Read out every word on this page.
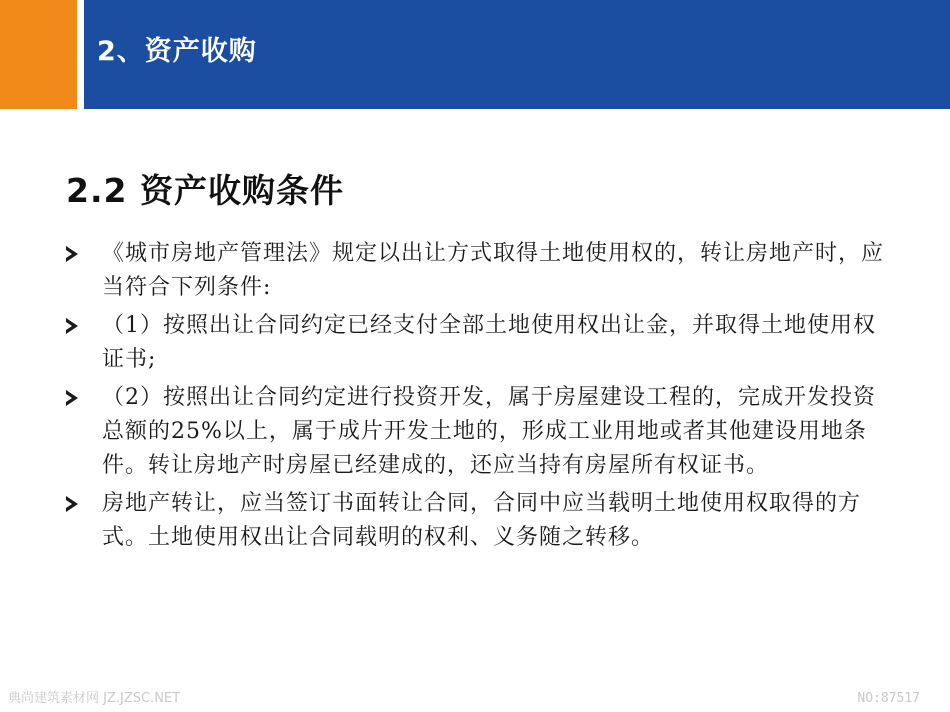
2、资产收购
2.2 资产收购条件
《城市房地产管理法》规定以出让方式取得土地使用权的，转让房地产时，应当符合下列条件:
（1）按照出让合同约定已经支付全部土地使用权出让金，并取得土地使用权证书;
（2）按照出让合同约定进行投资开发，属于房屋建设工程的，完成开发投资总额的25%以上，属于成片开发土地的，形成工业用地或者其他建设用地条件。转让房地产时房屋已经建成的，还应当持有房屋所有权证书。
房地产转让，应当签订书面转让合同，合同中应当载明土地使用权取得的方式。土地使用权出让合同载明的权利、义务随之转移。
典尚建筑素材网 JZ.JZSC.NET	NO:87517
